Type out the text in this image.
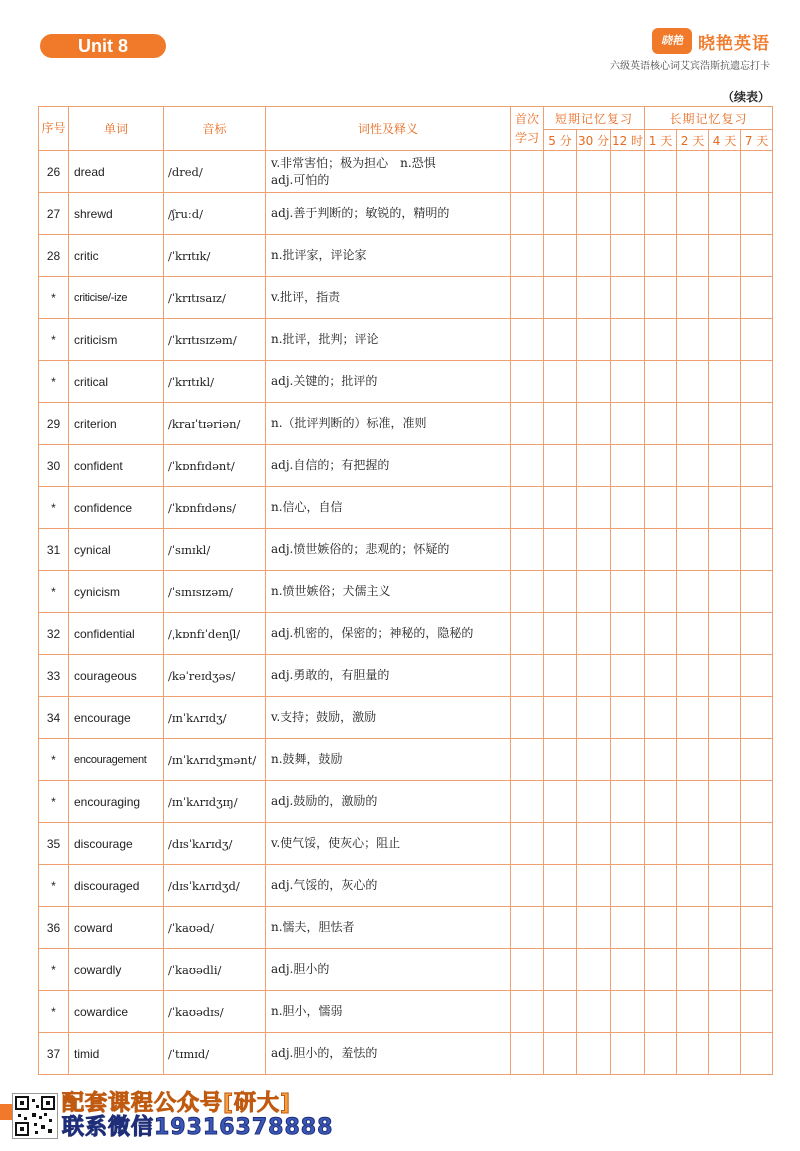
Unit 8	晓艳 晓艳英语
六级英语核心词艾宾浩斯抗遗忘打卡
（续表）
序号	单词	音标	词性及释义	首次
学习	短期记忆复习			长期记忆复习			
					5 分	30 分	12 时	1 天	2 天	4 天	7 天
26	dread	/dred/	v.非常害怕；极为担心　n.恐惧
adj.可怕的								

27	shrewd	/ʃruːd/	adj.善于判断的；敏锐的，精明的								

28	critic	/ˈkrɪtɪk/	n.批评家，评论家								

*	criticise/-ize	/ˈkrɪtɪsaɪz/	v.批评，指责								

*	criticism	/ˈkrɪtɪsɪzəm/	n.批评，批判；评论								

*	critical	/ˈkrɪtɪkl/	adj.关键的；批评的								

29	criterion	/kraɪˈtɪəriən/	n.（批评判断的）标准，准则								

30	confident	/ˈkɒnfɪdənt/	adj.自信的；有把握的								

*	confidence	/ˈkɒnfɪdəns/	n.信心，自信								

31	cynical	/ˈsɪnɪkl/	adj.愤世嫉俗的；悲观的；怀疑的								

*	cynicism	/ˈsɪnɪsɪzəm/	n.愤世嫉俗；犬儒主义								

32	confidential	/ˌkɒnfɪˈdenʃl/	adj.机密的，保密的；神秘的，隐秘的								

33	courageous	/kəˈreɪdʒəs/	adj.勇敢的，有胆量的								

34	encourage	/ɪnˈkʌrɪdʒ/	v.支持；鼓励，激励								

*	encouragement	/ɪnˈkʌrɪdʒmənt/	n.鼓舞，鼓励								

*	encouraging	/ɪnˈkʌrɪdʒɪŋ/	adj.鼓励的，激励的								

35	discourage	/dɪsˈkʌrɪdʒ/	v.使气馁，使灰心；阻止								

*	discouraged	/dɪsˈkʌrɪdʒd/	adj.气馁的，灰心的								

36	coward	/ˈkaʊəd/	n.懦夫，胆怯者								

*	cowardly	/ˈkaʊədli/	adj.胆小的								

*	cowardice	/ˈkaʊədɪs/	n.胆小，懦弱								

37	timid	/ˈtɪmɪd/	adj.胆小的，羞怯的								

配套课程公众号[研大]
联系微信19316378888
